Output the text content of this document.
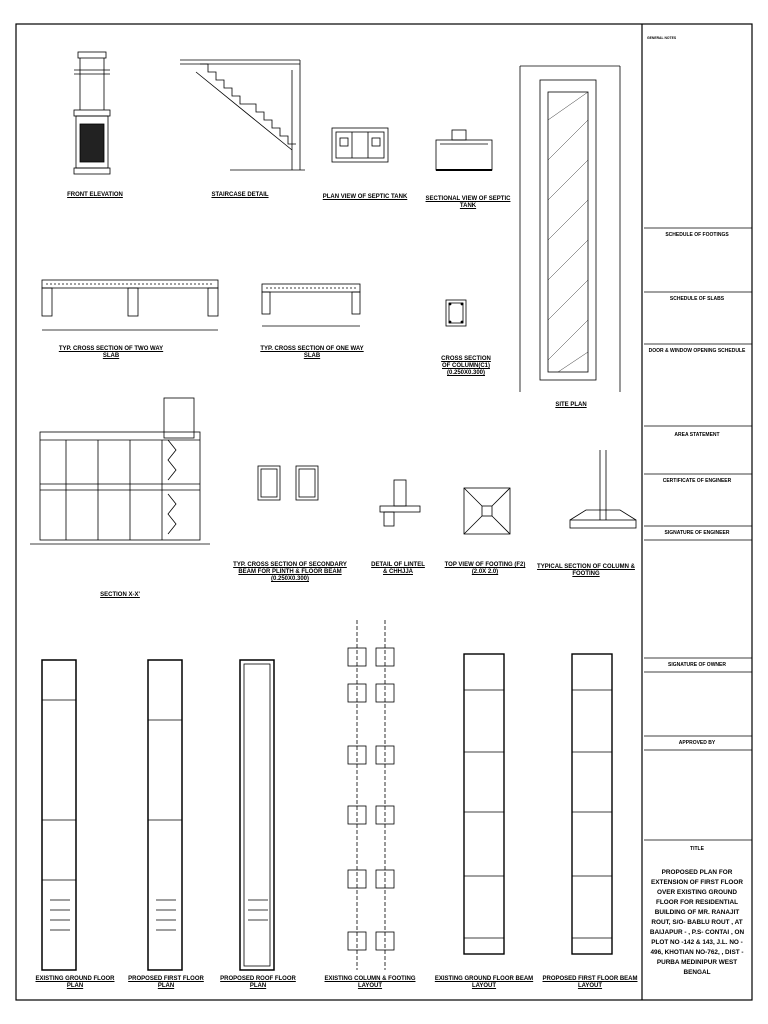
FRONT ELEVATION	STAIRCASE DETAIL	PLAN VIEW OF SEPTIC TANK	SECTIONAL VIEW OF SEPTIC TANK
TYP. CROSS SECTION OF TWO WAY
SLAB
TYP. CROSS SECTION OF ONE WAY
SLAB	CROSS SECTION
OF COLUMN(C1)
(0.250X0.300)
SITE PLAN
SECTION X-X'
TYP. CROSS SECTION OF SECONDARY
BEAM FOR PLINTH & FLOOR BEAM
(0.250X0.300)
DETAIL OF LINTEL
& CHHJJA
TOP VIEW OF FOOTING (F2)
(2.0X 2.0)
TYPICAL SECTION OF COLUMN & FOOTING
EXISTING GROUND FLOOR PLAN
PROPOSED FIRST FLOOR PLAN
PROPOSED ROOF FLOOR PLAN
EXISTING COLUMN & FOOTING LAYOUT
EXISTING GROUND FLOOR BEAM LAYOUT
PROPOSED FIRST FLOOR BEAM LAYOUT
GENERAL NOTES
SCHEDULE OF FOOTINGS
SCHEDULE OF SLABS
DOOR & WINDOW OPENING SCHEDULE
AREA STATEMENT
CERTIFICATE OF ENGINEER
SIGNATURE OF ENGINEER
SIGNATURE OF OWNER
APPROVED BY
TITLE
PROPOSED PLAN FOR EXTENSION OF FIRST FLOOR OVER EXISTING GROUND FLOOR FOR RESIDENTIAL BUILDING OF MR. RANAJIT ROUT, S/O- BABLU ROUT , AT BAIJAPUR - , P.S- CONTAI , ON PLOT NO -142 & 143, J.L. NO - 496, KHOTIAN NO-762, , DIST - PURBA MEDINIPUR WEST BENGAL
